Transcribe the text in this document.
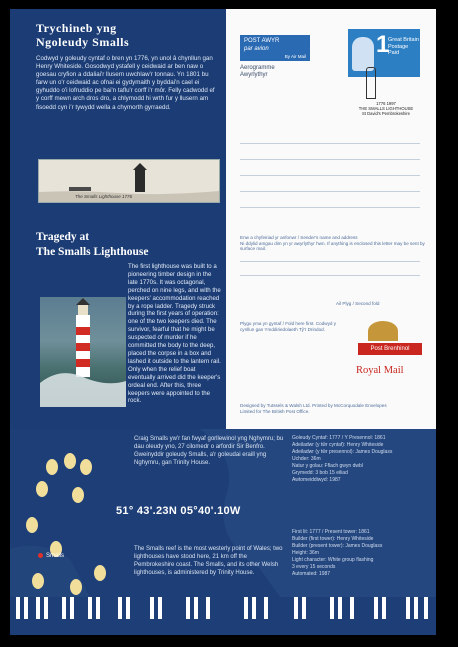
Trychineb yng
Ngoleudy Smalls
Codwyd y goleudy cyntaf o bren yn 1776, yn unol â chynllun gan Henry Whiteside. Gosodwyd ystafell y ceidwaid ar ben naw o goesau cryfion a ddaliai'r llusern uwchlaw'r tonnau. Yn 1801 bu farw un o'r ceidwaid ac ofnai ei gydymaith y byddai'n cael ei gyhuddo o'i lofruddio pe bai'n taflu'r corff i'r môr. Felly cadwodd ef y corff mewn arch dros dro, a chlymodd hi wrth fur y llusern am fisoedd cyn i'r tywydd wella a chymorth gyrraedd.
The Smalls Lighthouse 1776
Tragedy at
The Smalls Lighthouse
The first lighthouse was built to a pioneering timber design in the late 1770s. It was octagonal, perched on nine legs, and with the keepers' accommodation reached by a rope ladder. Tragedy struck during the first years of operation: one of the two keepers died. The survivor, fearful that he might be suspected of murder if he committed the body to the deep, placed the corpse in a box and lashed it outside to the lantern rail. Only when the relief boat eventually arrived did the keeper's ordeal end. After this, three keepers were appointed to the rock.
POST AWYR
par avion
By Air Mail	1
Great Britain Postage Paid
Aerogramme
Awyrlythyr
1776 1997
THE SMALLS LIGHTHOUSE
St David's Pembrokeshire
Enw a chyfeiriad yr anfonwr / Sender's name and address
Ni ddylid amgau dim yn yr awyrlythyr hwn. If anything is enclosed this letter may be sent by surface mail.
Ail Plyg / Second fold
Plygu yma yn gyntaf / Fold here first. Codwyd y cynllun gan Ymddiriedolaeth Tŷ'r Drindod.
Post Brenhinol
Royal Mail
Designed by Tutssels & Walsh Ltd. Printed by McCorquodale Envelopes Limited for The British Post Office.
Smalls
Craig Smalls yw'r fan fwyaf gorllewinol yng Nghymru; bu dau oleudy yno, 27 cilomedr o arfordir Sir Benfro. Gweinyddir goleudy Smalls, a'r goleudai eraill yng Nghymru, gan Trinity House.
51° 43'.23N 05°40'.10W
The Smalls reef is the most westerly point of Wales; two lighthouses have stood here, 21 km off the Pembrokeshire coast. The Smalls, and its other Welsh lighthouses, is administered by Trinity House.
Goleudy Cyntaf: 1777 / Y Presennol: 1861
Adeiladwr (y tŵr cyntaf): Henry Whiteside
Adeiladwr (y tŵr presennol): James Douglass
Uchder: 36m
Natur y golau: Fflach gwyn dwbl
Grymedd: 3 bob 15 eiliad
Awtomeiddiwyd: 1987
First lit: 1777 / Present tower: 1861
Builder (first tower): Henry Whiteside
Builder (present tower): James Douglass
Height: 36m
Light character: White group flashing
3 every 15 seconds
Automated: 1987
